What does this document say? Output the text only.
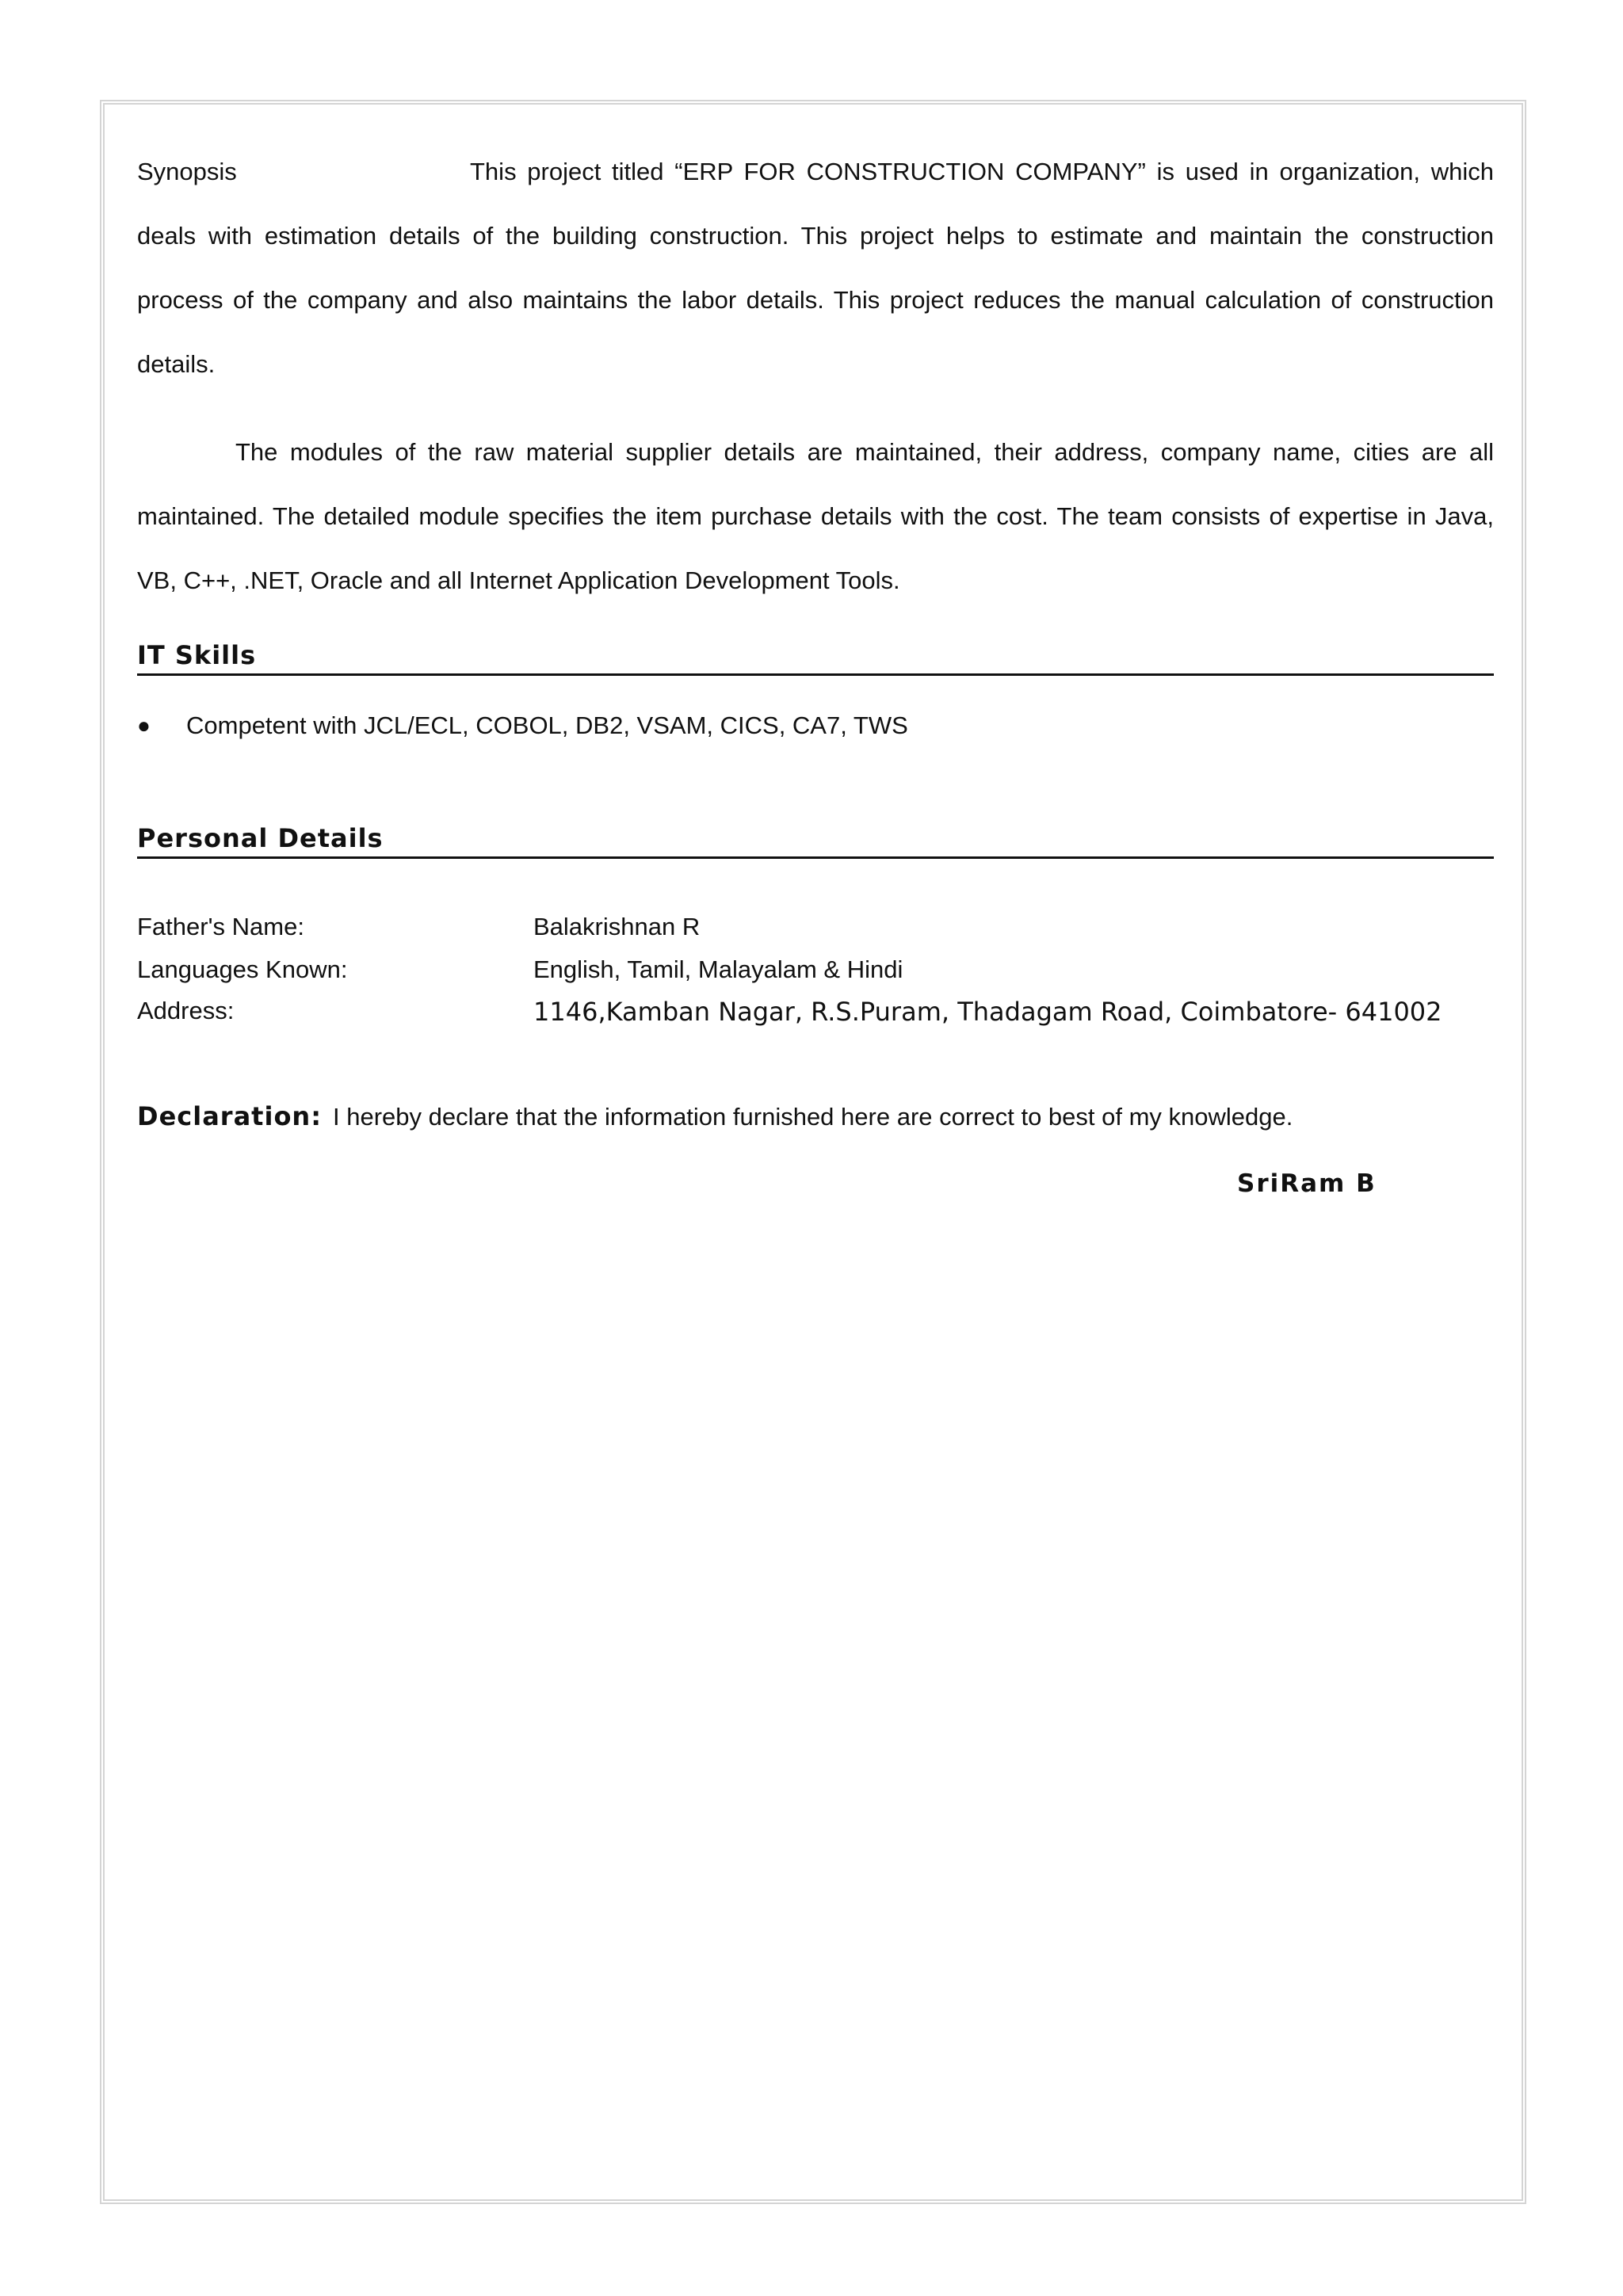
Synopsis	This project titled “ERP FOR CONSTRUCTION COMPANY” is used in organization, which

deals with estimation details of the building construction. This project helps to estimate and maintain the construction process of the company and also maintains the labor details. This project reduces the manual calculation of construction details.

The modules of the raw material supplier details are maintained, their address, company name, cities are all maintained. The detailed module specifies the item purchase details with the cost. The team consists of expertise in Java, VB, C++, .NET, Oracle and all Internet Application Development Tools.

IT Skills
●	Competent with JCL/ECL, COBOL, DB2, VSAM, CICS, CA7, TWS
Personal Details
Father's Name:	Balakrishnan R
Languages Known:	English, Tamil, Malayalam & Hindi
Address:	1146,Kamban Nagar, R.S.Puram, Thadagam Road, Coimbatore- 641002
Declaration: I hereby declare that the information furnished here are correct to best of my knowledge.
SriRam B
